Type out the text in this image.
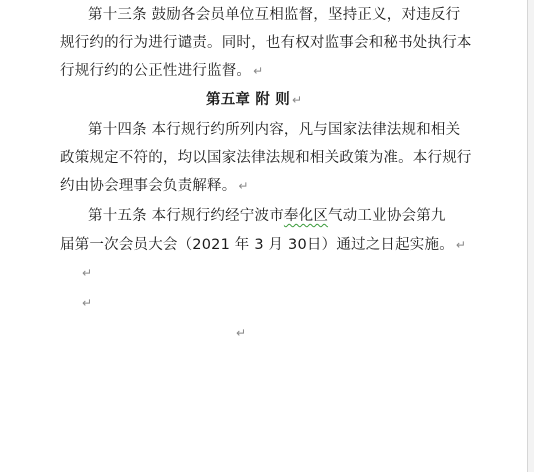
第十三条 鼓励各会员单位互相监督，坚持正义，对违反行
规行约的行为进行谴责。同时，也有权对监事会和秘书处执行本
行规行约的公正性进行监督。 ↵
第五章 附 则 ↵
第十四条 本行规行约所列内容，凡与国家法律法规和相关
政策规定不符的，均以国家法律法规和相关政策为准。本行规行
约由协会理事会负责解释。 ↵
第十五条 本行规行约经宁波市奉化区气动工业协会第九
届第一次会员大会（2021 年 3 月 30日）通过之日起实施。 ↵
↵
↵
↵
